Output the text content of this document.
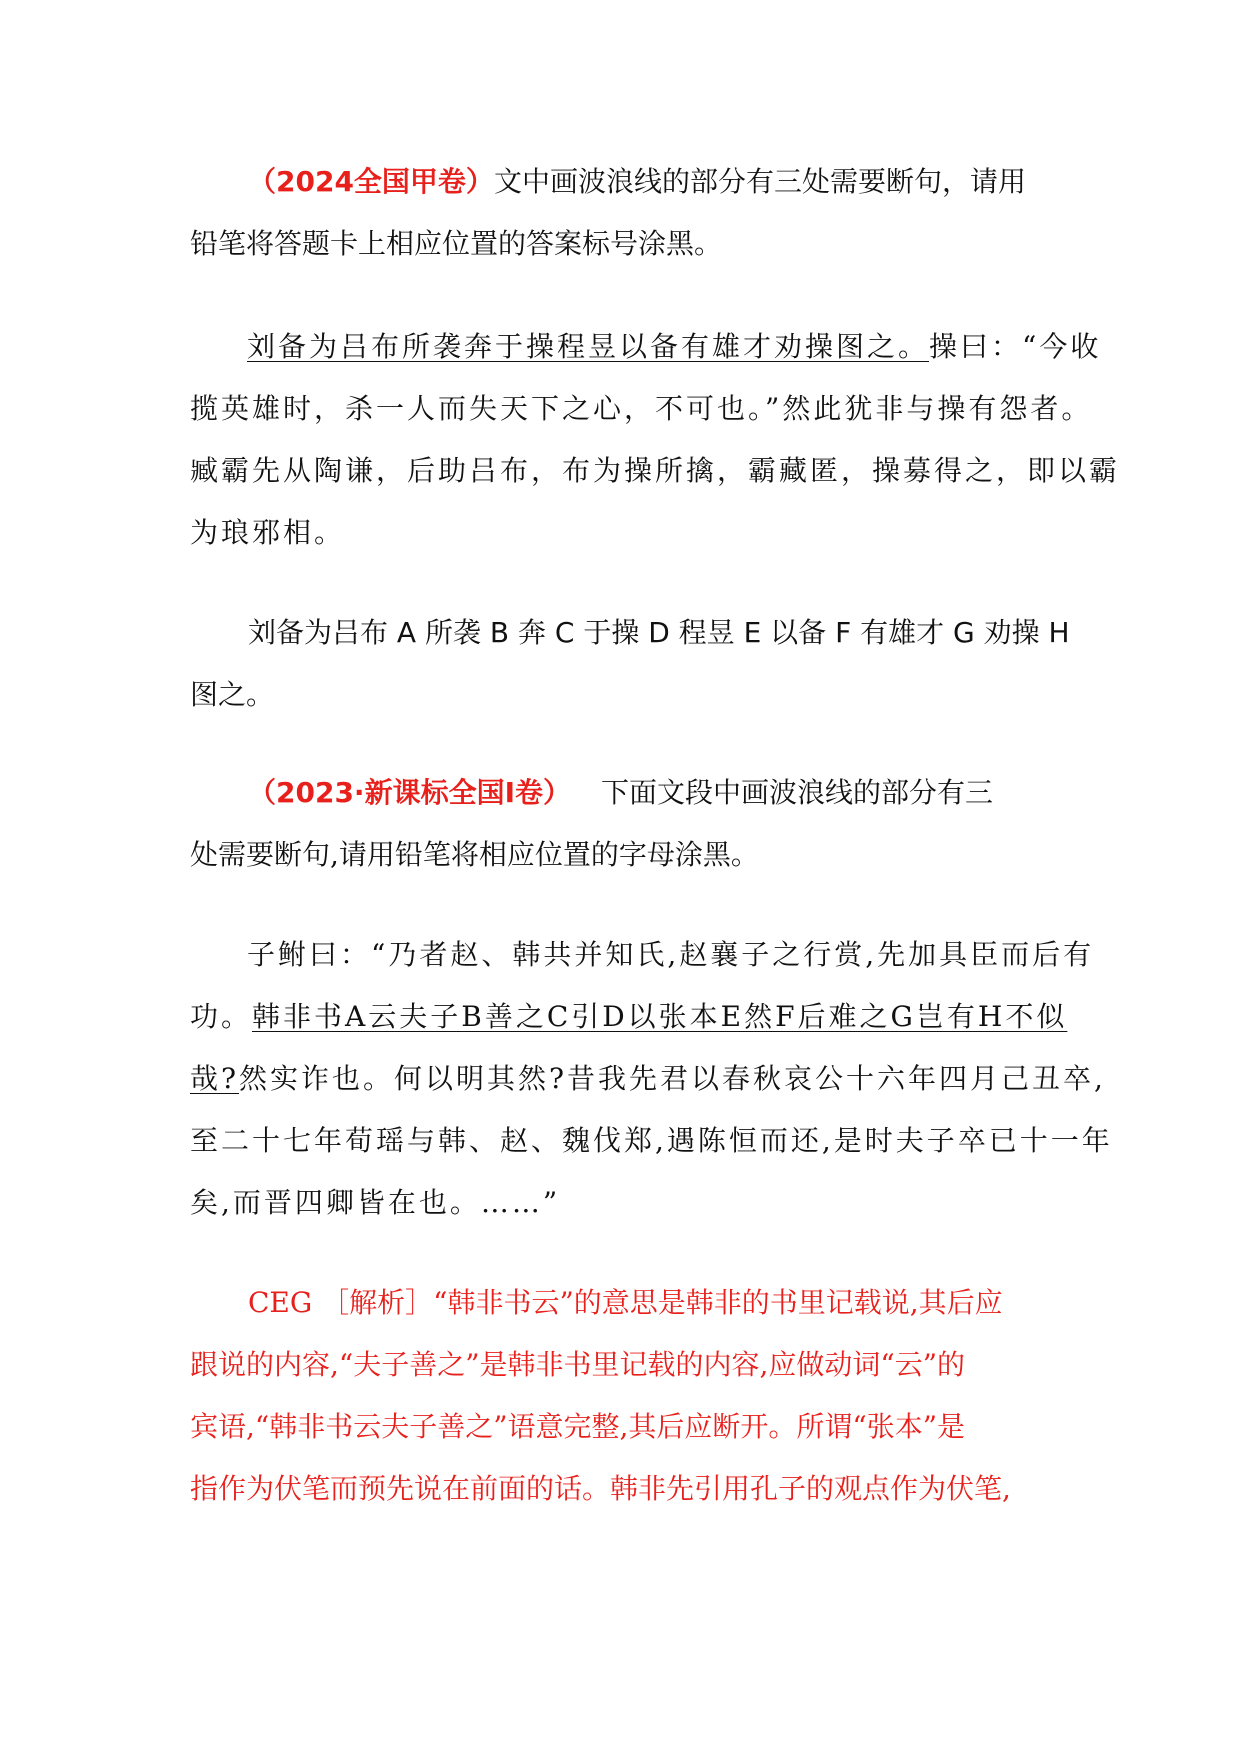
（2024全国甲卷）文中画波浪线的部分有三处需要断句，请用
铅笔将答题卡上相应位置的答案标号涂黑。
刘备为吕布所袭奔于操程昱以备有雄才劝操图之。操曰：“今收
揽英雄时，杀一人而失天下之心，不可也。”然此犹非与操有怨者。
臧霸先从陶谦，后助吕布，布为操所擒，霸藏匿，操募得之，即以霸
为琅邪相。
刘备为吕布 A 所袭 B 奔 C 于操 D 程昱 E 以备 F 有雄才 G 劝操 H
图之。
（2023·新课标全国Ⅰ卷） 下面文段中画波浪线的部分有三
处需要断句,请用铅笔将相应位置的字母涂黑。
子鲋曰：“乃者赵、韩共并知氏,赵襄子之行赏,先加具臣而后有
功。韩非书A云夫子B善之C引D以张本E然F后难之G岂有H不似
哉?然实诈也。何以明其然?昔我先君以春秋哀公十六年四月己丑卒,
至二十七年荀瑶与韩、赵、魏伐郑,遇陈恒而还,是时夫子卒已十一年
矣,而晋四卿皆在也。……”
CEG ［解析］“韩非书云”的意思是韩非的书里记载说,其后应
跟说的内容,“夫子善之”是韩非书里记载的内容,应做动词“云”的
宾语,“韩非书云夫子善之”语意完整,其后应断开。所谓“张本”是
指作为伏笔而预先说在前面的话。韩非先引用孔子的观点作为伏笔,
